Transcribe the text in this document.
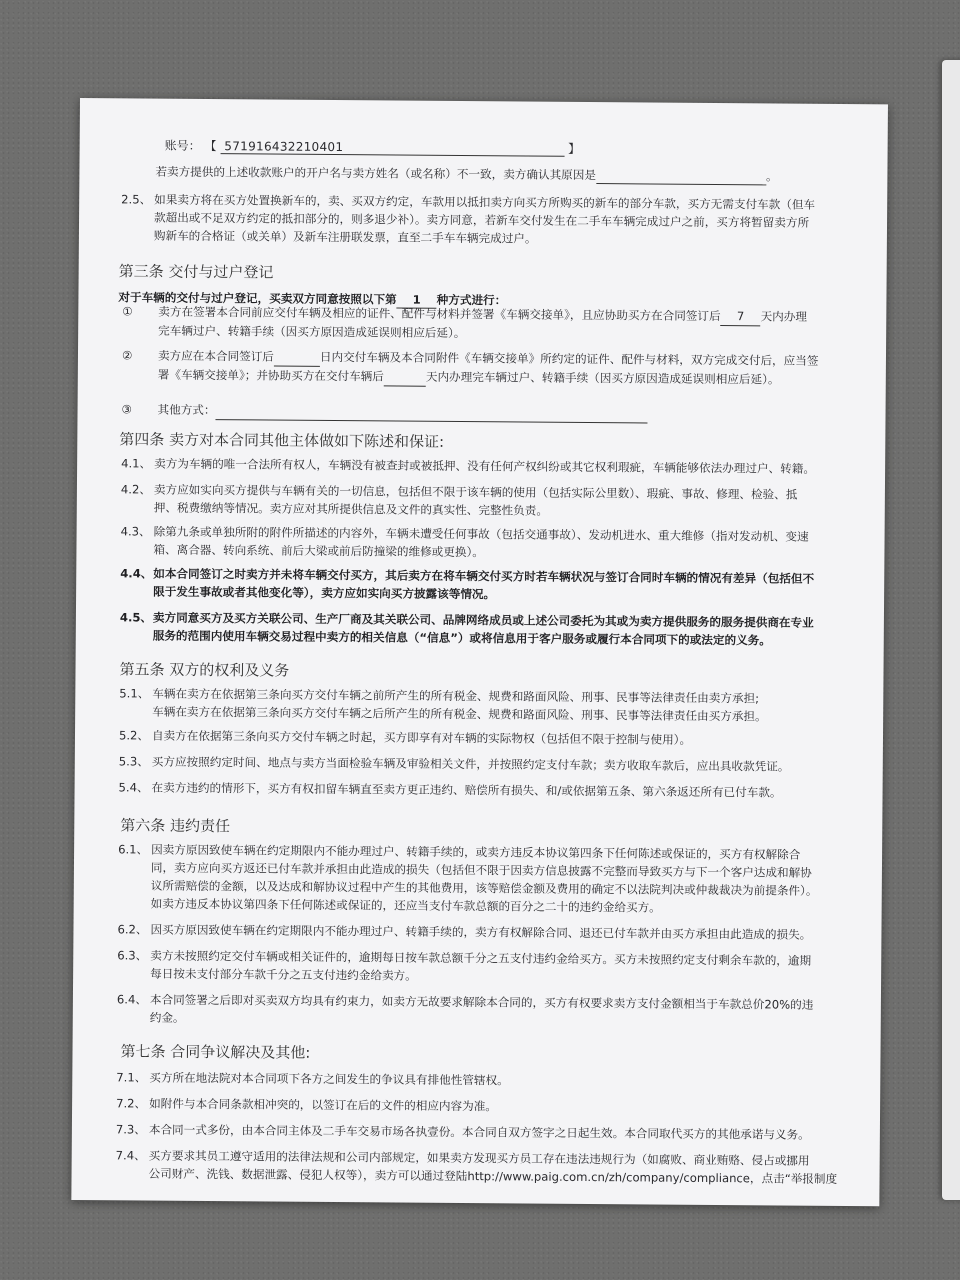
账号： 【 571916432210401	】
若卖方提供的上述收款账户的开户名与卖方姓名（或名称）不一致，卖方确认其原因是	。
2.5、 如果卖方将在买方处置换新车的，卖、买双方约定，车款用以抵扣卖方向买方所购买的新车的部分车款，买方无需支付车款（但车
款超出或不足双方约定的抵扣部分的，则多退少补）。卖方同意，若新车交付发生在二手车车辆完成过户之前，买方将暂留卖方所
购新车的合格证（或关单）及新车注册联发票，直至二手车车辆完成过户。
第三条 交付与过户登记
对于车辆的交付与过户登记，买卖双方同意按照以下第 1 种方式进行：
①	卖方在签署本合同前应交付车辆及相应的证件、配件与材料并签署《车辆交接单》，且应协助买方在合同签订后 7 天内办理
完车辆过户、转籍手续（因买方原因造成延误则相应后延）。
②	卖方应在本合同签订后	日内交付车辆及本合同附件《车辆交接单》所约定的证件、配件与材料，双方完成交付后，应当签
署《车辆交接单》；并协助买方在交付车辆后	天内办理完车辆过户、转籍手续（因买方原因造成延误则相应后延）。
③	其他方式：
第四条 卖方对本合同其他主体做如下陈述和保证:
4.1、 卖方为车辆的唯一合法所有权人，车辆没有被查封或被抵押、没有任何产权纠纷或其它权利瑕疵，车辆能够依法办理过户、转籍。
4.2、 卖方应如实向买方提供与车辆有关的一切信息，包括但不限于该车辆的使用（包括实际公里数）、瑕疵、事故、修理、检验、抵
押、税费缴纳等情况。卖方应对其所提供信息及文件的真实性、完整性负责。
4.3、 除第九条或单独所附的附件所描述的内容外，车辆未遭受任何事故（包括交通事故）、发动机进水、重大维修（指对发动机、变速
箱、离合器、转向系统、前后大梁或前后防撞梁的维修或更换）。
4.4、 如本合同签订之时卖方并未将车辆交付买方，其后卖方在将车辆交付买方时若车辆状况与签订合同时车辆的情况有差异（包括但不
限于发生事故或者其他变化等），卖方应如实向买方披露该等情况。
4.5、 卖方同意买方及买方关联公司、生产厂商及其关联公司、品牌网络成员或上述公司委托为其或为卖方提供服务的服务提供商在专业
服务的范围内使用车辆交易过程中卖方的相关信息（“信息”）或将信息用于客户服务或履行本合同项下的或法定的义务。
第五条 双方的权利及义务
5.1、 车辆在卖方在依据第三条向买方交付车辆之前所产生的所有税金、规费和路面风险、刑事、民事等法律责任由卖方承担;
车辆在卖方在依据第三条向买方交付车辆之后所产生的所有税金、规费和路面风险、刑事、民事等法律责任由买方承担。
5.2、 自卖方在依据第三条向买方交付车辆之时起，买方即享有对车辆的实际物权（包括但不限于控制与使用）。
5.3、 买方应按照约定时间、地点与卖方当面检验车辆及审验相关文件，并按照约定支付车款；卖方收取车款后，应出具收款凭证。
5.4、 在卖方违约的情形下，买方有权扣留车辆直至卖方更正违约、赔偿所有损失、和/或依据第五条、第六条返还所有已付车款。
第六条 违约责任
6.1、 因卖方原因致使车辆在约定期限内不能办理过户、转籍手续的，或卖方违反本协议第四条下任何陈述或保证的，买方有权解除合
同，卖方应向买方返还已付车款并承担由此造成的损失（包括但不限于因卖方信息披露不完整而导致买方与下一个客户达成和解协
议所需赔偿的金额，以及达成和解协议过程中产生的其他费用，该等赔偿金额及费用的确定不以法院判决或仲裁裁决为前提条件）。
如卖方违反本协议第四条下任何陈述或保证的，还应当支付车款总额的百分之二十的违约金给买方。
6.2、 因买方原因致使车辆在约定期限内不能办理过户、转籍手续的，卖方有权解除合同、退还已付车款并由买方承担由此造成的损失。
6.3、 卖方未按照约定交付车辆或相关证件的，逾期每日按车款总额千分之五支付违约金给买方。买方未按照约定支付剩余车款的，逾期
每日按未支付部分车款千分之五支付违约金给卖方。
6.4、 本合同签署之后即对买卖双方均具有约束力，如卖方无故要求解除本合同的，买方有权要求卖方支付金额相当于车款总价20%的违
约金。
第七条 合同争议解决及其他:
7.1、 买方所在地法院对本合同项下各方之间发生的争议具有排他性管辖权。
7.2、 如附件与本合同条款相冲突的，以签订在后的文件的相应内容为准。
7.3、 本合同一式多份，由本合同主体及二手车交易市场各执壹份。本合同自双方签字之日起生效。本合同取代买方的其他承诺与义务。
7.4、 买方要求其员工遵守适用的法律法规和公司内部规定，如果卖方发现买方员工存在违法违规行为（如腐败、商业贿赂、侵占或挪用
公司财产、洗钱、数据泄露、侵犯人权等），卖方可以通过登陆http://www.paig.com.cn/zh/company/compliance，点击“举报制度
